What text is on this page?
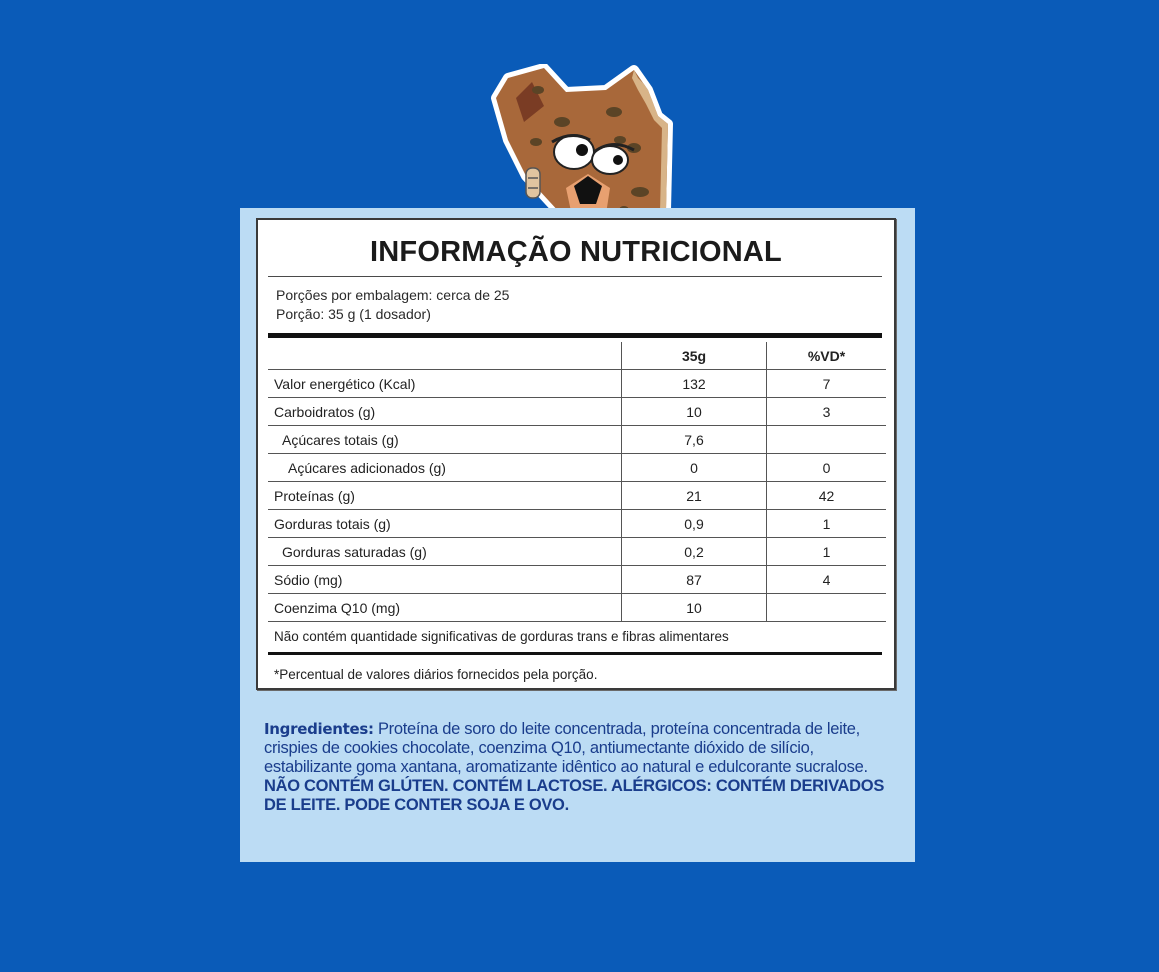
INFORMAÇÃO NUTRICIONAL
Porções por embalagem: cerca de 25
Porção: 35 g (1 dosador)
	35g	%VD*
Valor energético (Kcal)	132	7
Carboidratos (g)	10	3
Açúcares totais (g)	7,6	
Açúcares adicionados (g)	0	0
Proteínas (g)	21	42
Gorduras totais (g)	0,9	1
Gorduras saturadas (g)	0,2	1
Sódio (mg)	87	4
Coenzima Q10 (mg)	10	
Não contém quantidade significativas de gorduras trans e fibras alimentares
*Percentual de valores diários fornecidos pela porção.
Ingredientes: Proteína de soro do leite concentrada, proteína concentrada de leite, crispies de cookies chocolate, coenzima Q10, antiumectante dióxido de silício, estabilizante goma xantana, aromatizante idêntico ao natural e edulcorante sucralose.  NÃO CONTÉM GLÚTEN. CONTÉM LACTOSE. ALÉRGICOS: CONTÉM DERIVADOS DE LEITE. PODE CONTER SOJA E OVO.
